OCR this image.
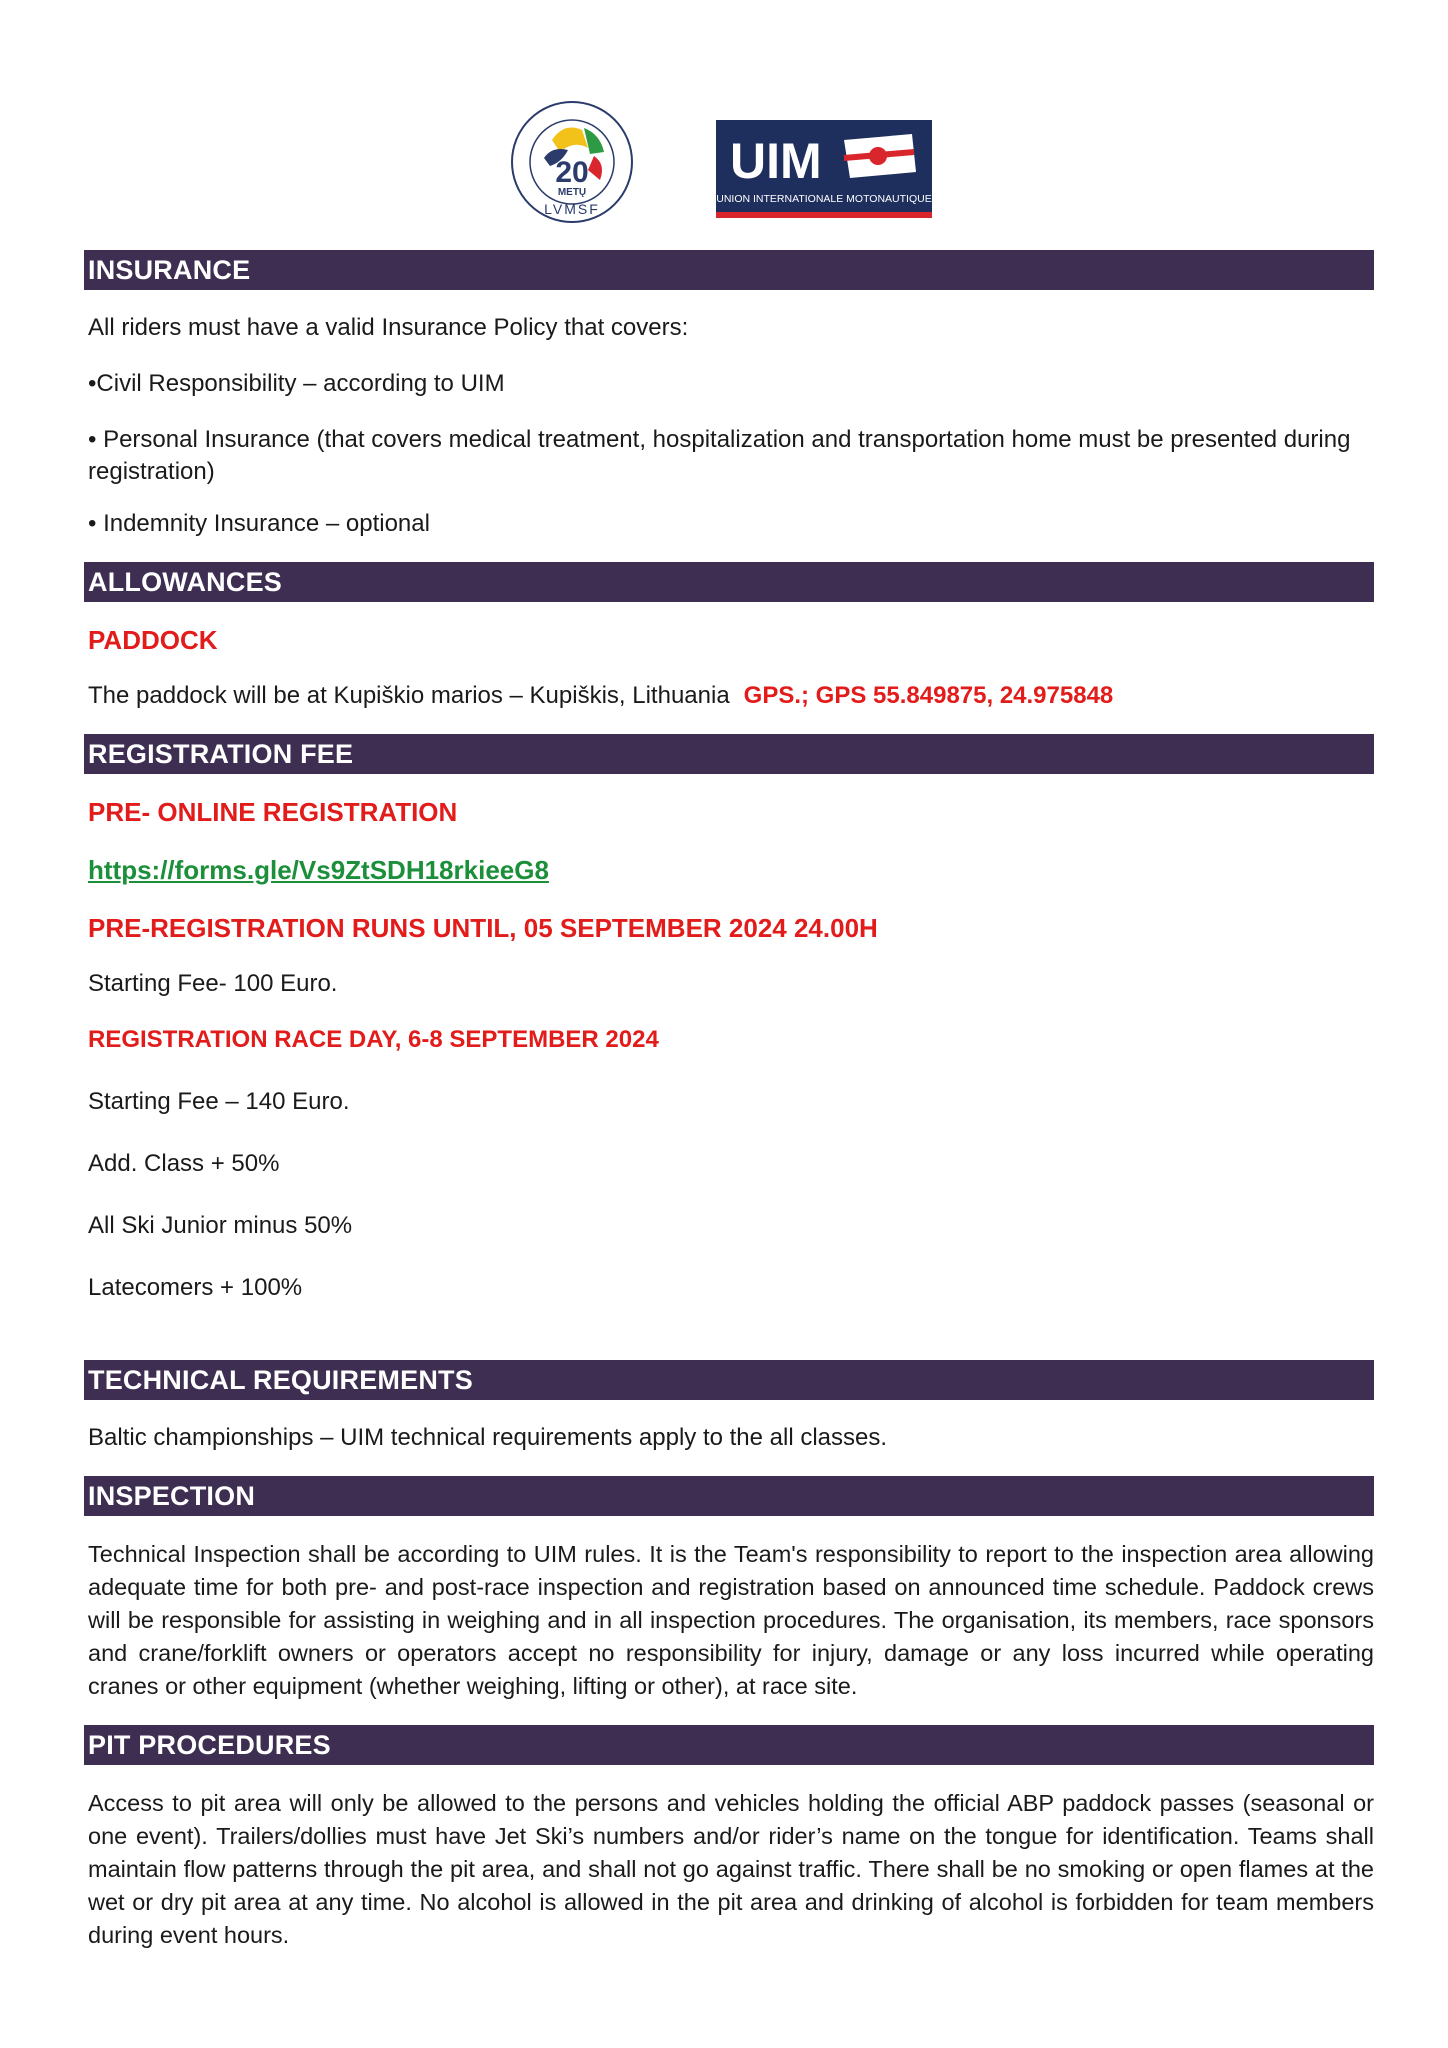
20
METŲ
LVMSF
UIM
UNION INTERNATIONALE MOTONAUTIQUE
INSURANCE

All riders must have a valid Insurance Policy that covers:

•Civil Responsibility – according to UIM

• Personal Insurance (that covers medical treatment, hospitalization and transportation home must be presented during registration)

• Indemnity Insurance – optional

ALLOWANCES

PADDOCK

The paddock will be at Kupiškio marios – Kupiškis, Lithuania GPS.; GPS 55.849875, 24.975848

REGISTRATION FEE

PRE- ONLINE REGISTRATION

https://forms.gle/Vs9ZtSDH18rkieeG8

PRE-REGISTRATION RUNS UNTIL, 05 SEPTEMBER 2024 24.00H

Starting Fee- 100 Euro.

REGISTRATION RACE DAY, 6-8 SEPTEMBER 2024

Starting Fee – 140 Euro.

Add. Class + 50%

All Ski Junior minus 50%

Latecomers + 100%

TECHNICAL REQUIREMENTS

Baltic championships – UIM technical requirements apply to the all classes.

INSPECTION

Technical Inspection shall be according to UIM rules. It is the Team's responsibility to report to the inspection area allowing adequate time for both pre- and post-race inspection and registration based on announced time schedule. Paddock crews will be responsible for assisting in weighing and in all inspection procedures. The organisation, its members, race sponsors and crane/forklift owners or operators accept no responsibility for injury, damage or any loss incurred while operating cranes or other equipment (whether weighing, lifting or other), at race site.

PIT PROCEDURES

Access to pit area will only be allowed to the persons and vehicles holding the official ABP paddock passes (seasonal or one event). Trailers/dollies must have Jet Ski’s numbers and/or rider’s name on the tongue for identification. Teams shall maintain flow patterns through the pit area, and shall not go against traffic. There shall be no smoking or open flames at the wet or dry pit area at any time. No alcohol is allowed in the pit area and drinking of alcohol is forbidden for team members during event hours.
